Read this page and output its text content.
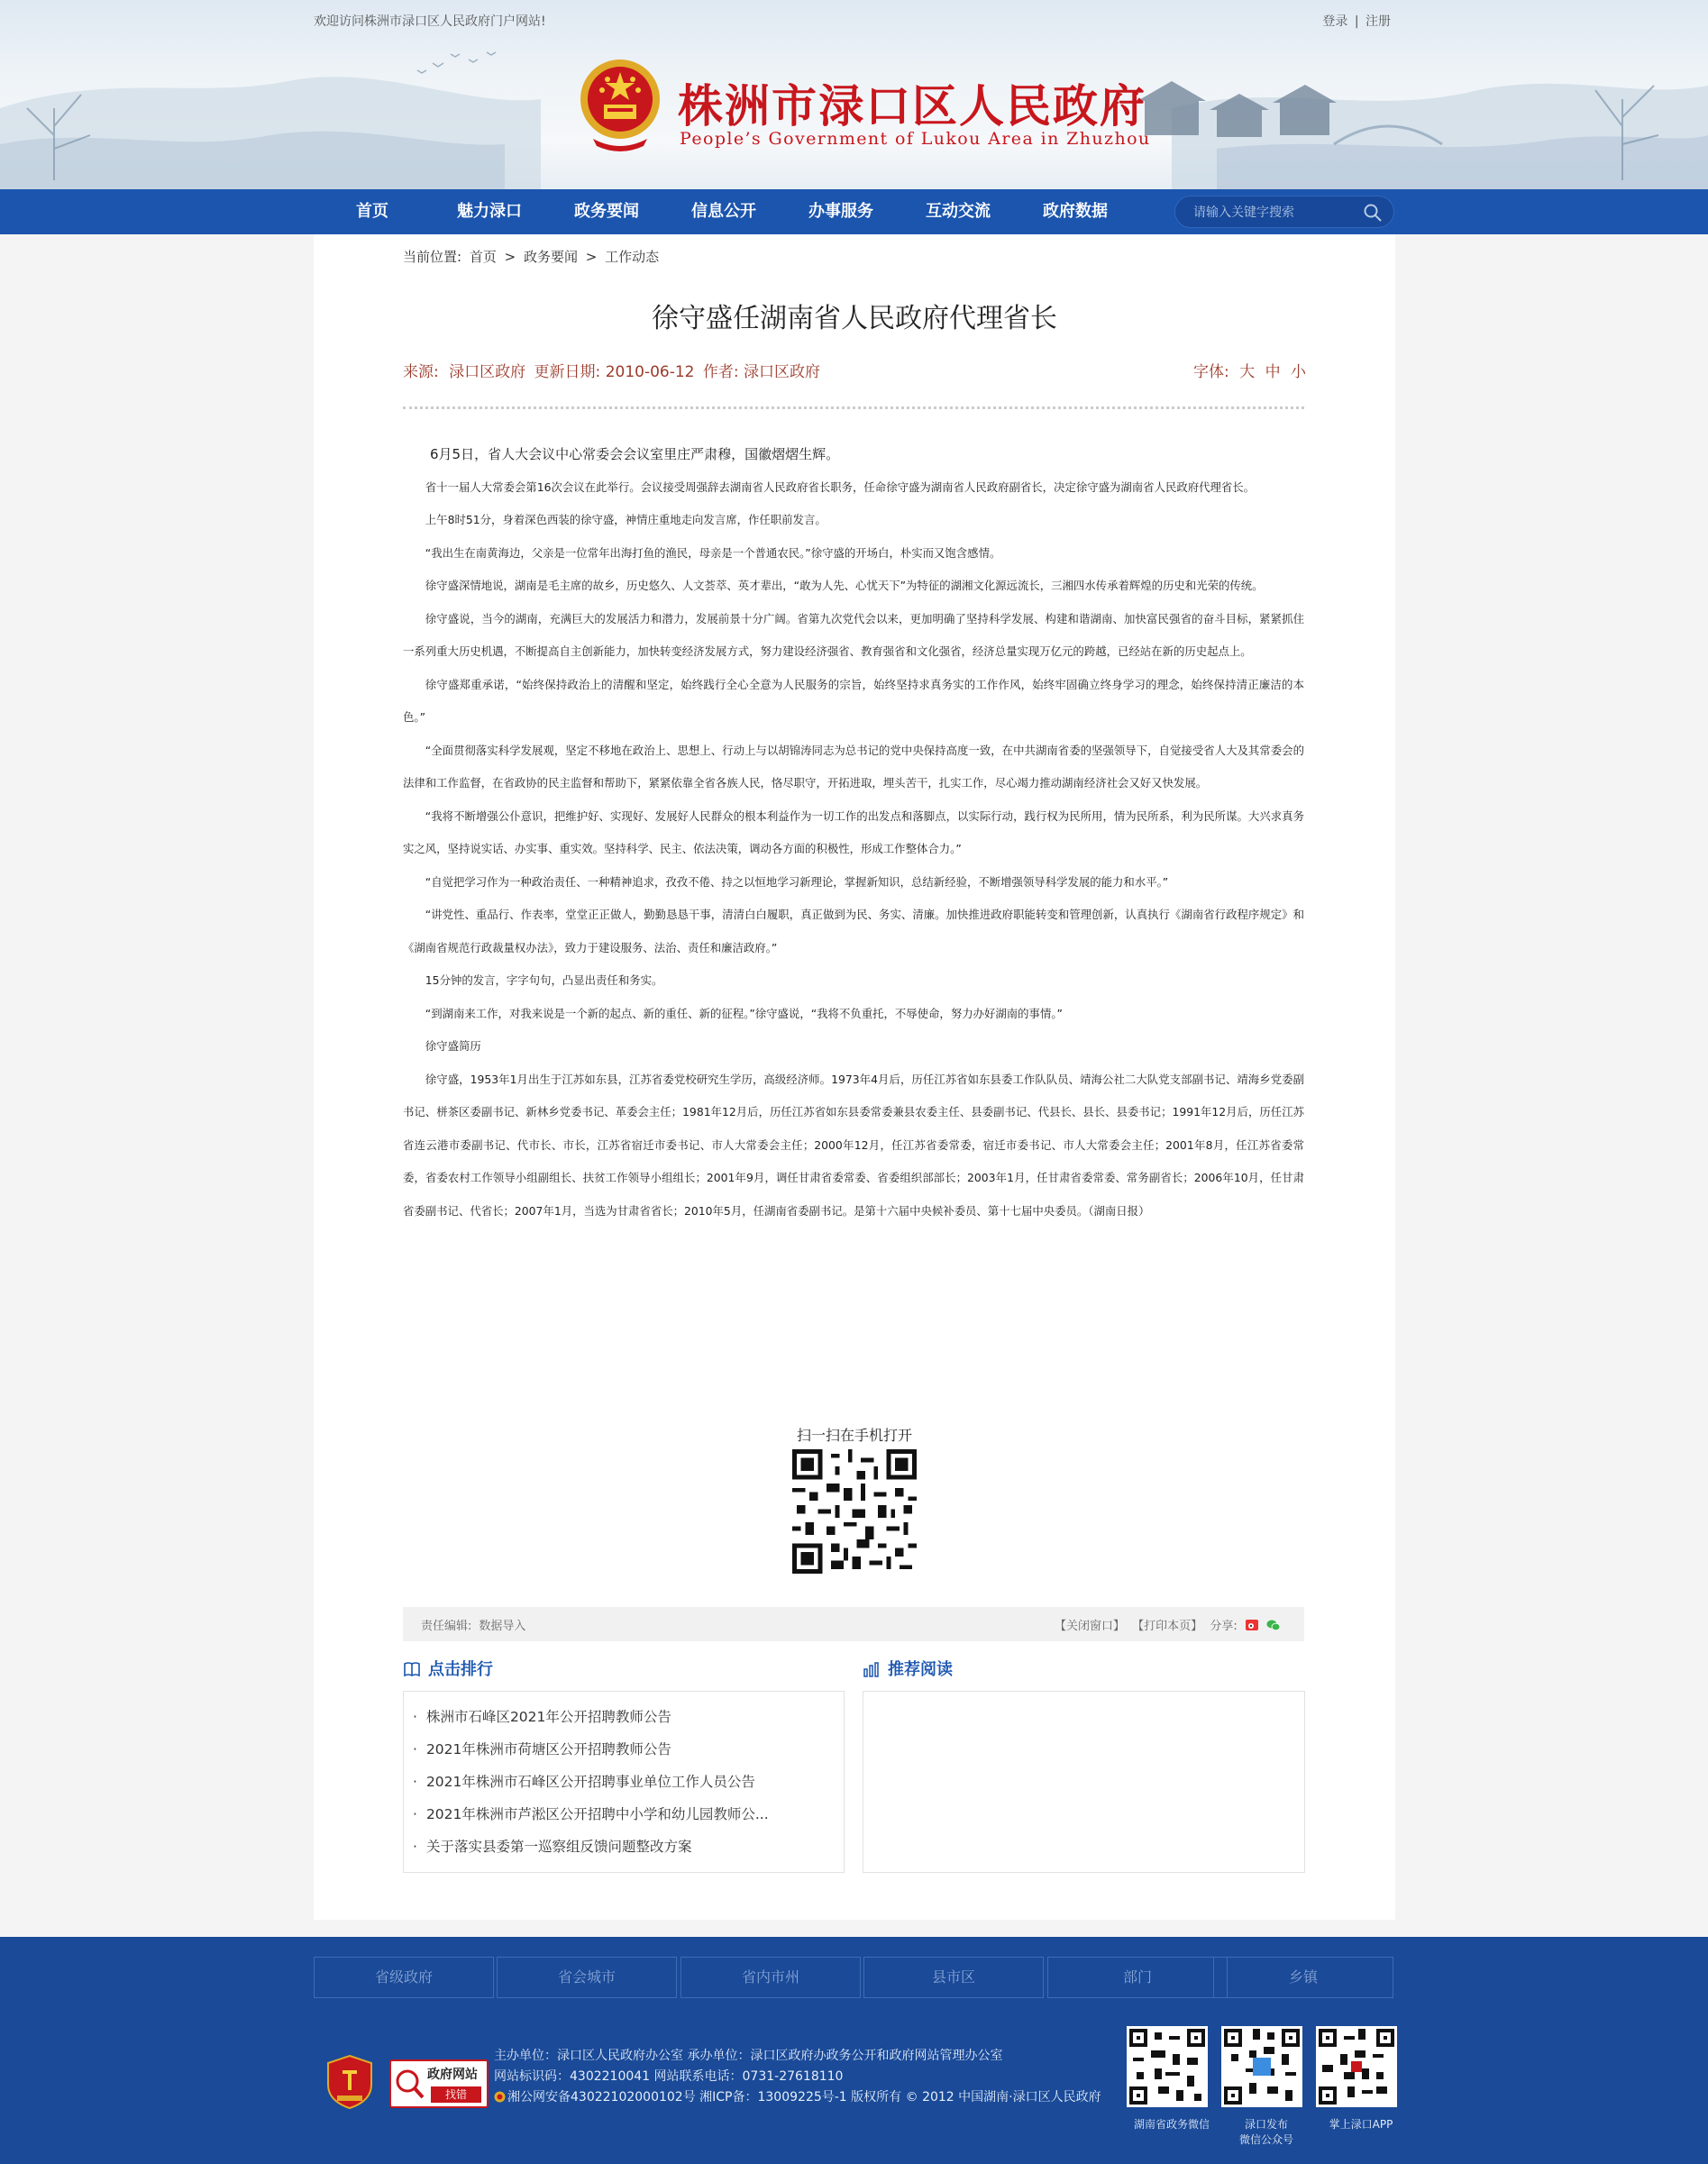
欢迎访问株洲市渌口区人民政府门户网站!	登录 | 注册
株洲市渌口区人民政府
People’s Government of Lukou Area in Zhuzhou
首页	魅力渌口	政务要闻	信息公开	办事服务	互动交流	政府数据
请输入关键字搜索
当前位置: 首页 > 政务要闻 > 工作动态
徐守盛任湖南省人民政府代理省长
来源: 渌口区政府 更新日期: 2010-06-12 作者: 渌口区政府	字体: 大 中 小

6月5日，省人大会议中心常委会会议室里庄严肃穆，国徽熠熠生辉。

省十一届人大常委会第16次会议在此举行。会议接受周强辞去湖南省人民政府省长职务，任命徐守盛为湖南省人民政府副省长，决定徐守盛为湖南省人民政府代理省长。

上午8时51分，身着深色西装的徐守盛，神情庄重地走向发言席，作任职前发言。

“我出生在南黄海边，父亲是一位常年出海打鱼的渔民，母亲是一个普通农民。”徐守盛的开场白，朴实而又饱含感情。

徐守盛深情地说，湖南是毛主席的故乡，历史悠久、人文荟萃、英才辈出，“敢为人先、心忧天下”为特征的湖湘文化源远流长，三湘四水传承着辉煌的历史和光荣的传统。

徐守盛说，当今的湖南，充满巨大的发展活力和潜力，发展前景十分广阔。省第九次党代会以来，更加明确了坚持科学发展、构建和谐湖南、加快富民强省的奋斗目标，紧紧抓住一系列重大历史机遇，不断提高自主创新能力，加快转变经济发展方式，努力建设经济强省、教育强省和文化强省，经济总量实现万亿元的跨越，已经站在新的历史起点上。

徐守盛郑重承诺，“始终保持政治上的清醒和坚定，始终践行全心全意为人民服务的宗旨，始终坚持求真务实的工作作风，始终牢固确立终身学习的理念，始终保持清正廉洁的本色。”

“全面贯彻落实科学发展观，坚定不移地在政治上、思想上、行动上与以胡锦涛同志为总书记的党中央保持高度一致，在中共湖南省委的坚强领导下，自觉接受省人大及其常委会的法律和工作监督，在省政协的民主监督和帮助下，紧紧依靠全省各族人民，恪尽职守，开拓进取，埋头苦干，扎实工作，尽心竭力推动湖南经济社会又好又快发展。

“我将不断增强公仆意识，把维护好、实现好、发展好人民群众的根本利益作为一切工作的出发点和落脚点，以实际行动，践行权为民所用，情为民所系，利为民所谋。大兴求真务实之风，坚持说实话、办实事、重实效。坚持科学、民主、依法决策，调动各方面的积极性，形成工作整体合力。”

“自觉把学习作为一种政治责任、一种精神追求，孜孜不倦、持之以恒地学习新理论，掌握新知识，总结新经验，不断增强领导科学发展的能力和水平。”

“讲党性、重品行、作表率，堂堂正正做人，勤勤恳恳干事，清清白白履职，真正做到为民、务实、清廉。加快推进政府职能转变和管理创新，认真执行《湖南省行政程序规定》和《湖南省规范行政裁量权办法》，致力于建设服务、法治、责任和廉洁政府。”

15分钟的发言，字字句句，凸显出责任和务实。

“到湖南来工作，对我来说是一个新的起点、新的重任、新的征程。”徐守盛说，“我将不负重托，不辱使命，努力办好湖南的事情。”

徐守盛简历

徐守盛，1953年1月出生于江苏如东县，江苏省委党校研究生学历，高级经济师。1973年4月后，历任江苏省如东县委工作队队员、靖海公社二大队党支部副书记、靖海乡党委副书记、栟茶区委副书记、新林乡党委书记、革委会主任；1981年12月后，历任江苏省如东县委常委兼县农委主任、县委副书记、代县长、县长、县委书记；1991年12月后，历任江苏省连云港市委副书记、代市长、市长，江苏省宿迁市委书记、市人大常委会主任；2000年12月，任江苏省委常委，宿迁市委书记、市人大常委会主任；2001年8月，任江苏省委常委，省委农村工作领导小组副组长、扶贫工作领导小组组长；2001年9月，调任甘肃省委常委、省委组织部部长；2003年1月，任甘肃省委常委、常务副省长；2006年10月，任甘肃省委副书记、代省长；2007年1月，当选为甘肃省省长；2010年5月，任湖南省委副书记。是第十六届中央候补委员、第十七届中央委员。（湖南日报）

扫一扫在手机打开
责任编辑: 数据导入	【关闭窗口】 【打印本页】 分享:
点击排行
· 株洲市石峰区2021年公开招聘教师公告
· 2021年株洲市荷塘区公开招聘教师公告
· 2021年株洲市石峰区公开招聘事业单位工作人员公告
· 2021年株洲市芦淞区公开招聘中小学和幼儿园教师公...
· 关于落实县委第一巡察组反馈问题整改方案
推荐阅读
省级政府	省会城市	省内市州	县市区	部门	乡镇
政府网站
找错
主办单位：渌口区人民政府办公室 承办单位：渌口区政府办政务公开和政府网站管理办公室
网站标识码：4302210041 网站联系电话：0731-27618110
湘公网安备43022102000102号 湘ICP备：13009225号-1 版权所有 © 2012 中国湖南·渌口区人民政府
湖南省政务微信	渌口发布
微信公众号
掌上渌口APP
